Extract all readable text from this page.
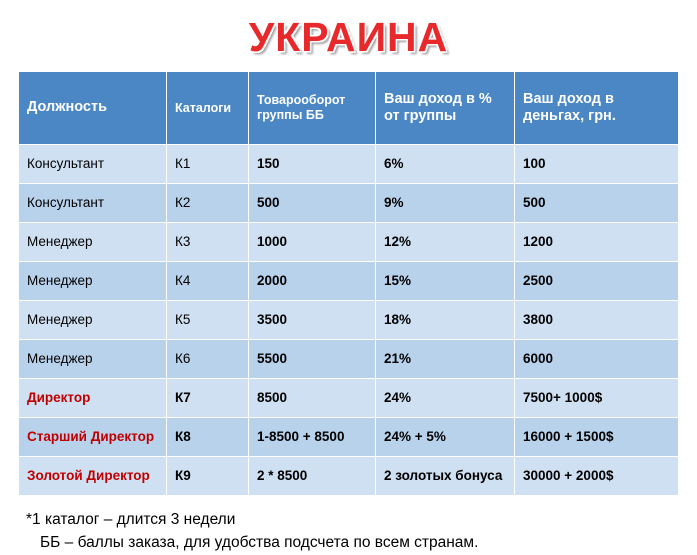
УКРАИНА
Должность	Каталоги	Товарооборот группы ББ	Ваш доход в % от группы	Ваш доход в деньгах, грн.
Консультант	К1	150	6%	100
Консультант	К2	500	9%	500
Менеджер	К3	1000	12%	1200
Менеджер	К4	2000	15%	2500
Менеджер	К5	3500	18%	3800
Менеджер	К6	5500	21%	6000
Директор	К7	8500	24%	7500+ 1000$
Старший Директор	К8	1-8500 + 8500	24% + 5%	16000 + 1500$
Золотой Директор	К9	2 * 8500	2 золотых бонуса	30000 + 2000$
*1 каталог – длится 3 недели
ББ – баллы заказа, для удобства подсчета по всем странам.
